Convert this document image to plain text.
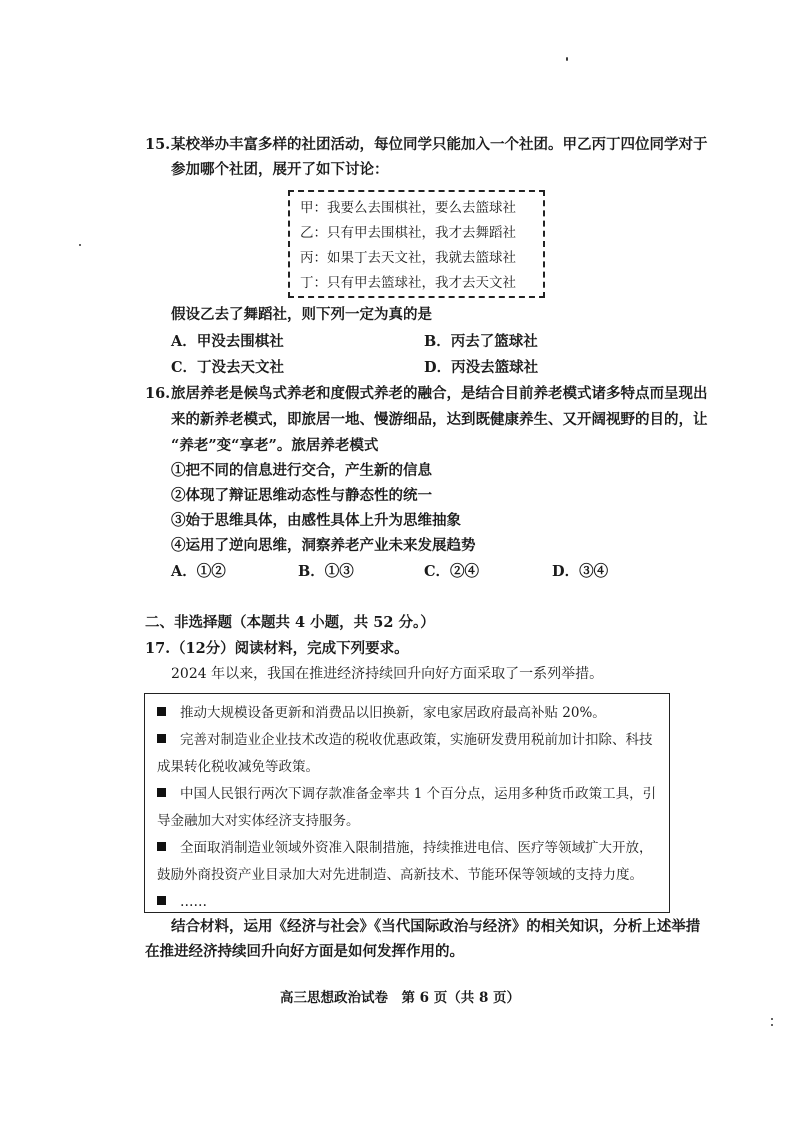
15.某校举办丰富多样的社团活动，每位同学只能加入一个社团。甲乙丙丁四位同学对于
参加哪个社团，展开了如下讨论：
甲：我要么去围棋社，要么去篮球社
乙：只有甲去围棋社，我才去舞蹈社
丙：如果丁去天文社，我就去篮球社
丁：只有甲去篮球社，我才去天文社
假设乙去了舞蹈社，则下列一定为真的是
A．甲没去围棋社	B．丙去了篮球社
C．丁没去天文社	D．丙没去篮球社
16.旅居养老是候鸟式养老和度假式养老的融合，是结合目前养老模式诸多特点而呈现出
来的新养老模式，即旅居一地、慢游细品，达到既健康养生、又开阔视野的目的，让
“养老”变“享老”。旅居养老模式
①把不同的信息进行交合，产生新的信息
②体现了辩证思维动态性与静态性的统一
③始于思维具体，由感性具体上升为思维抽象
④运用了逆向思维，洞察养老产业未来发展趋势
A．①②	B．①③	C．②④	D．③④
二、非选择题（本题共 4 小题，共 52 分。）
17.（12分）阅读材料，完成下列要求。
2024 年以来，我国在推进经济持续回升向好方面采取了一系列举措。
推动大规模设备更新和消费品以旧换新，家电家居政府最高补贴 20%。
完善对制造业企业技术改造的税收优惠政策，实施研发费用税前加计扣除、科技
成果转化税收减免等政策。
中国人民银行两次下调存款准备金率共 1 个百分点，运用多种货币政策工具，引
导金融加大对实体经济支持服务。
全面取消制造业领域外资准入限制措施，持续推进电信、医疗等领域扩大开放，
鼓励外商投资产业目录加大对先进制造、高新技术、节能环保等领域的支持力度。
……
结合材料，运用《经济与社会》《当代国际政治与经济》的相关知识，分析上述举措
在推进经济持续回升向好方面是如何发挥作用的。
高三思想政治试卷　第 6 页（共 8 页）
